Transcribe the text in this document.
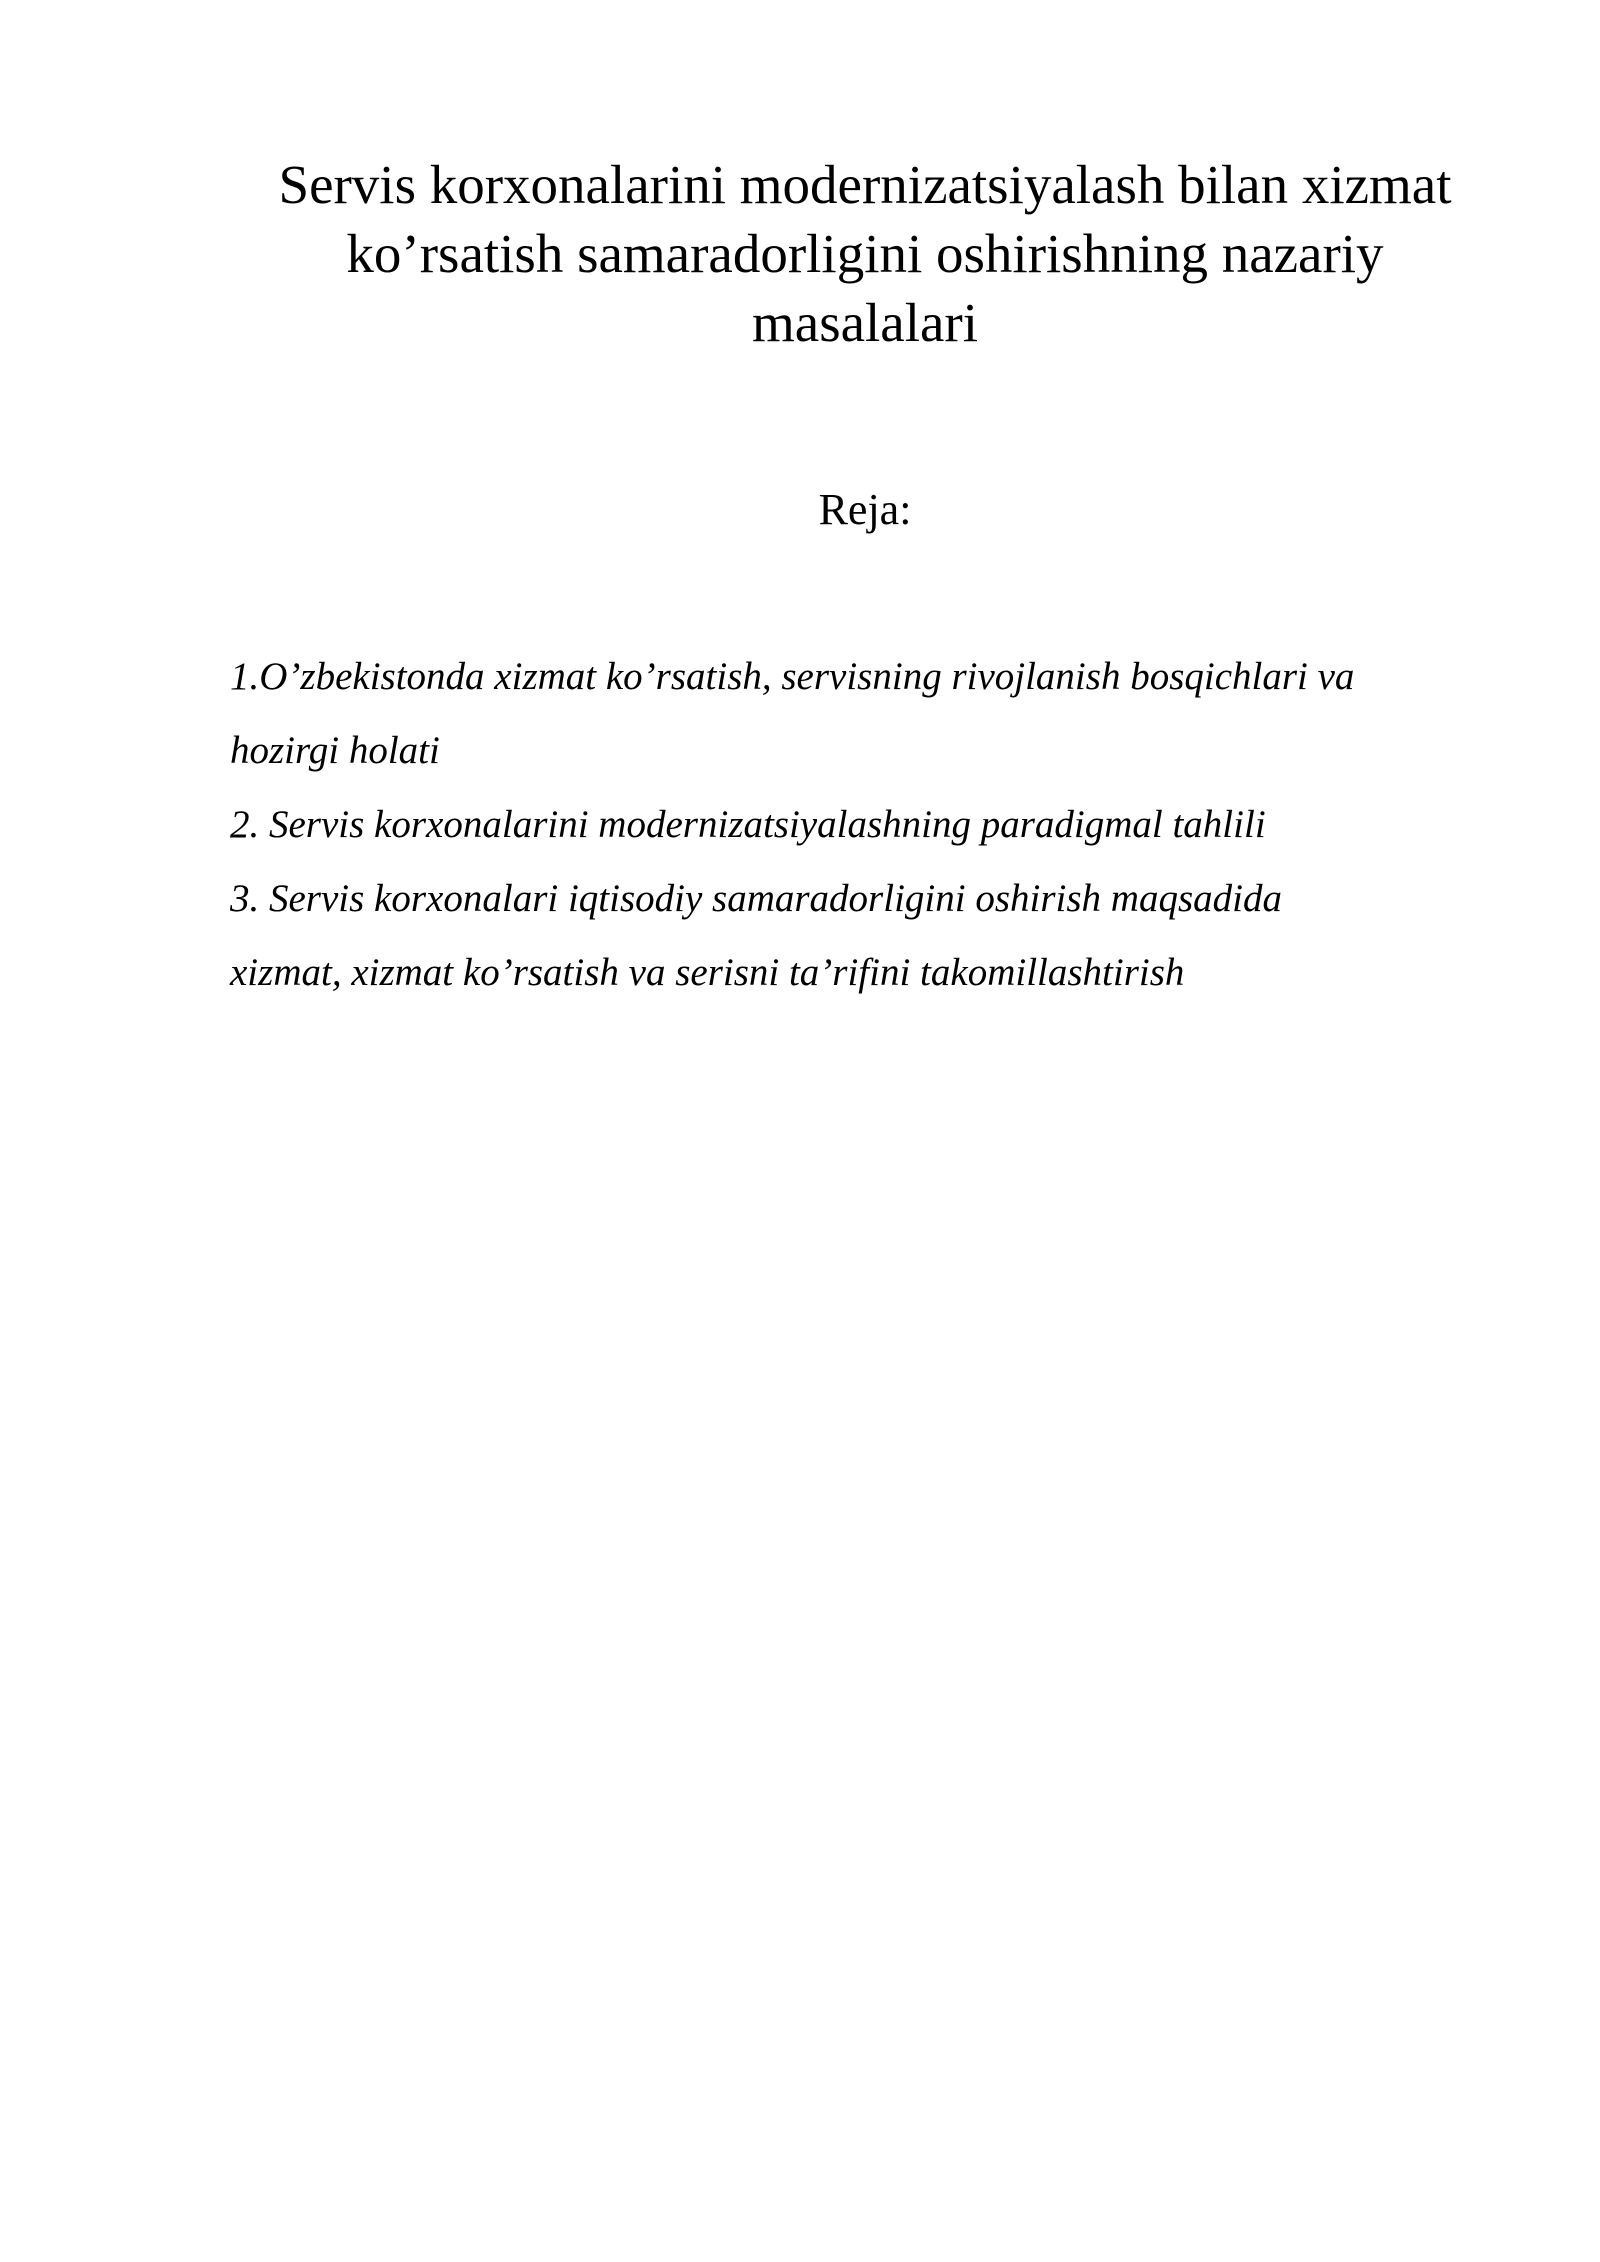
Servis korxonalarini modernizatsiyalash bilan xizmat
ko’rsatish samaradorligini oshirishning nazariy
masalalari
Reja:
1.O’zbekistonda xizmat ko’rsatish, servisning rivojlanish bosqichlari va
hozirgi holati
2. Servis korxonalarini modernizatsiyalashning paradigmal tahlili
3. Servis korxonalari iqtisodiy samaradorligini oshirish maqsadida
xizmat, xizmat ko’rsatish va serisni ta’rifini takomillashtirish
